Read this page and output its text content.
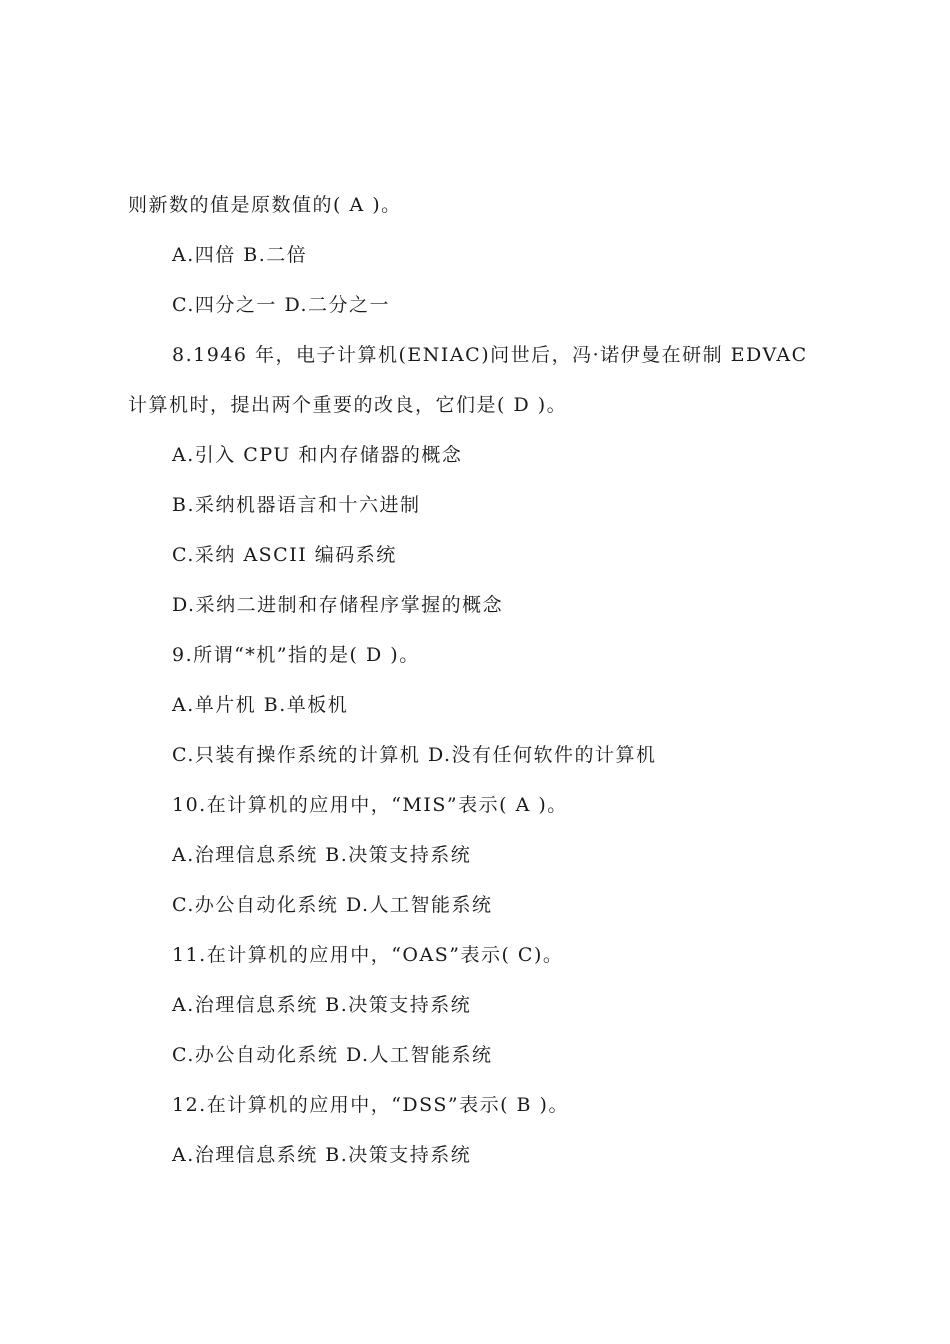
则新数的值是原数值的( A )。
A.四倍 B.二倍
C.四分之一 D.二分之一
8.1946 年，电子计算机(ENIAC)问世后，冯·诺伊曼在研制 EDVAC
计算机时，提出两个重要的改良，它们是( D )。
A.引入 CPU 和内存储器的概念
B.采纳机器语言和十六进制
C.采纳 ASCII 编码系统
D.采纳二进制和存储程序掌握的概念
9.所谓“*机”指的是( D )。
A.单片机 B.单板机
C.只装有操作系统的计算机 D.没有任何软件的计算机
10.在计算机的应用中，“MIS”表示( A )。
A.治理信息系统 B.决策支持系统
C.办公自动化系统 D.人工智能系统
11.在计算机的应用中，“OAS”表示( C)。
A.治理信息系统 B.决策支持系统
C.办公自动化系统 D.人工智能系统
12.在计算机的应用中，“DSS”表示( B )。
A.治理信息系统 B.决策支持系统
